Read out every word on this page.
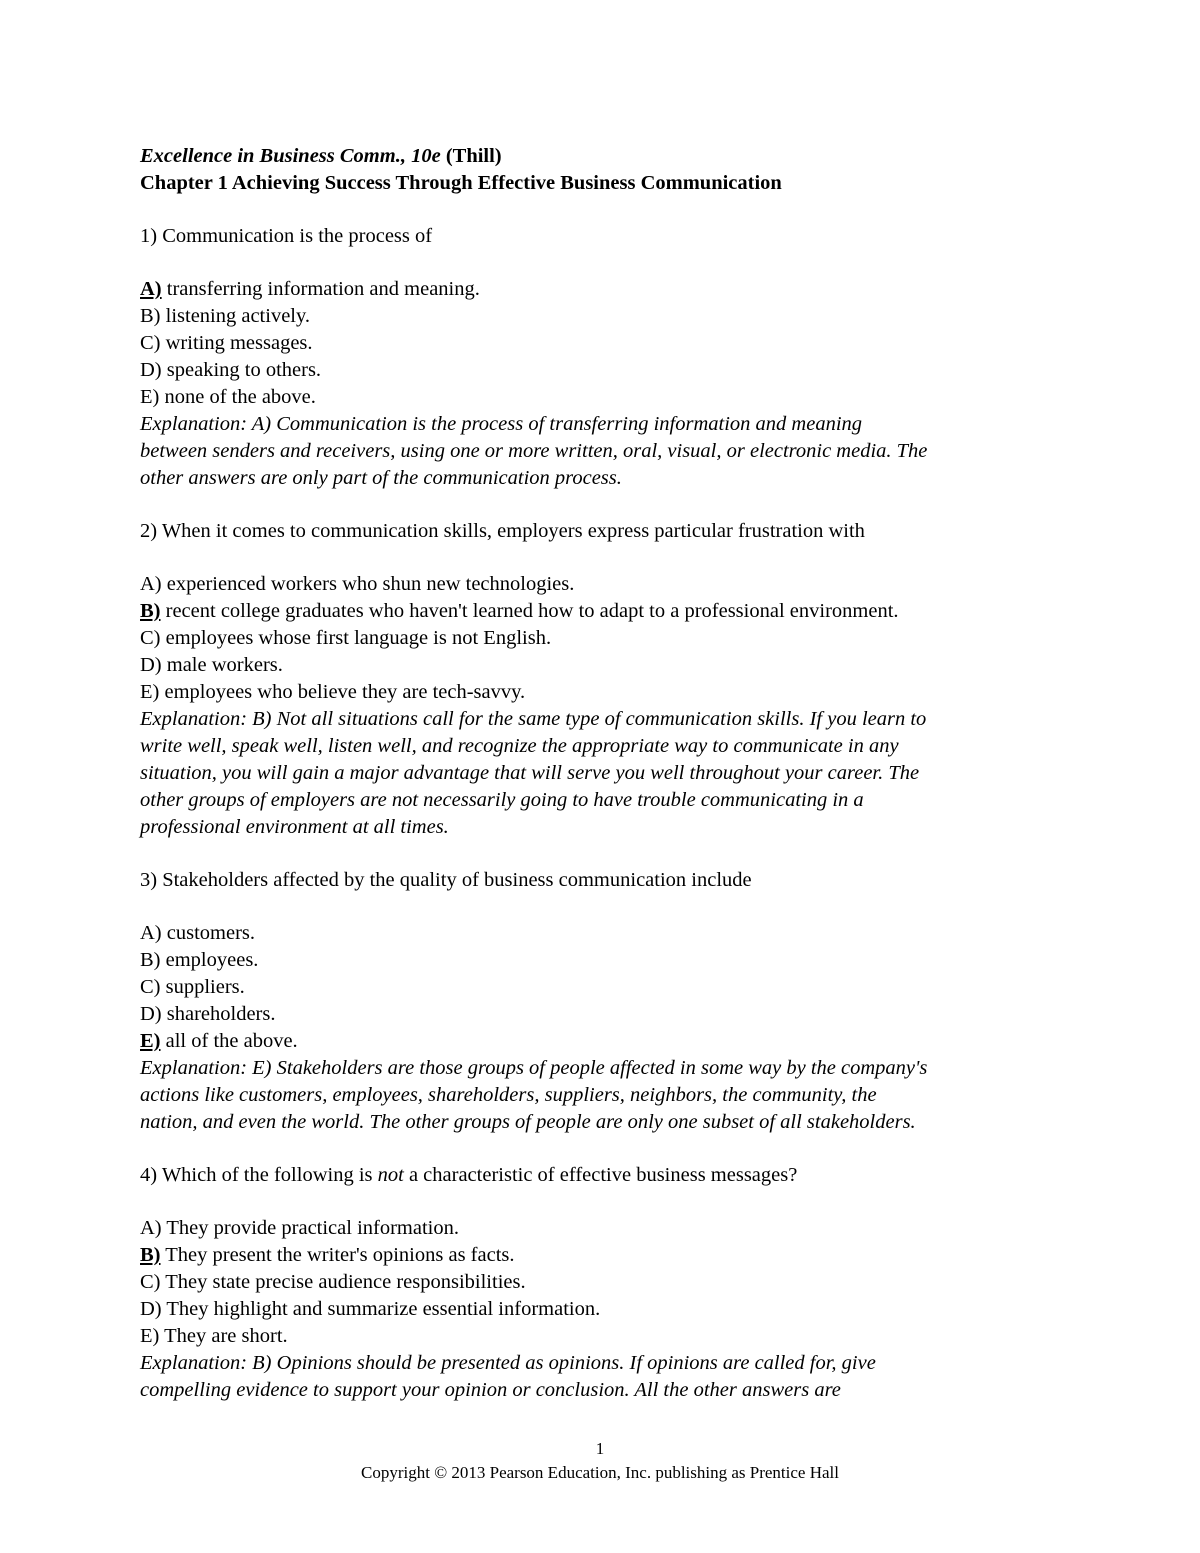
Excellence in Business Comm., 10e (Thill)
Chapter 1 Achieving Success Through Effective Business Communication
1) Communication is the process of
A) transferring information and meaning.
B) listening actively.
C) writing messages.
D) speaking to others.
E) none of the above.
Explanation: A) Communication is the process of transferring information and meaning
between senders and receivers, using one or more written, oral, visual, or electronic media. The
other answers are only part of the communication process.
2) When it comes to communication skills, employers express particular frustration with
A) experienced workers who shun new technologies.
B) recent college graduates who haven't learned how to adapt to a professional environment.
C) employees whose first language is not English.
D) male workers.
E) employees who believe they are tech-savvy.
Explanation: B) Not all situations call for the same type of communication skills. If you learn to
write well, speak well, listen well, and recognize the appropriate way to communicate in any
situation, you will gain a major advantage that will serve you well throughout your career. The
other groups of employers are not necessarily going to have trouble communicating in a
professional environment at all times.
3) Stakeholders affected by the quality of business communication include
A) customers.
B) employees.
C) suppliers.
D) shareholders.
E) all of the above.
Explanation: E) Stakeholders are those groups of people affected in some way by the company's
actions like customers, employees, shareholders, suppliers, neighbors, the community, the
nation, and even the world. The other groups of people are only one subset of all stakeholders.
4) Which of the following is not a characteristic of effective business messages?
A) They provide practical information.
B) They present the writer's opinions as facts.
C) They state precise audience responsibilities.
D) They highlight and summarize essential information.
E) They are short.
Explanation: B) Opinions should be presented as opinions. If opinions are called for, give
compelling evidence to support your opinion or conclusion. All the other answers are
1
Copyright © 2013 Pearson Education, Inc. publishing as Prentice Hall
